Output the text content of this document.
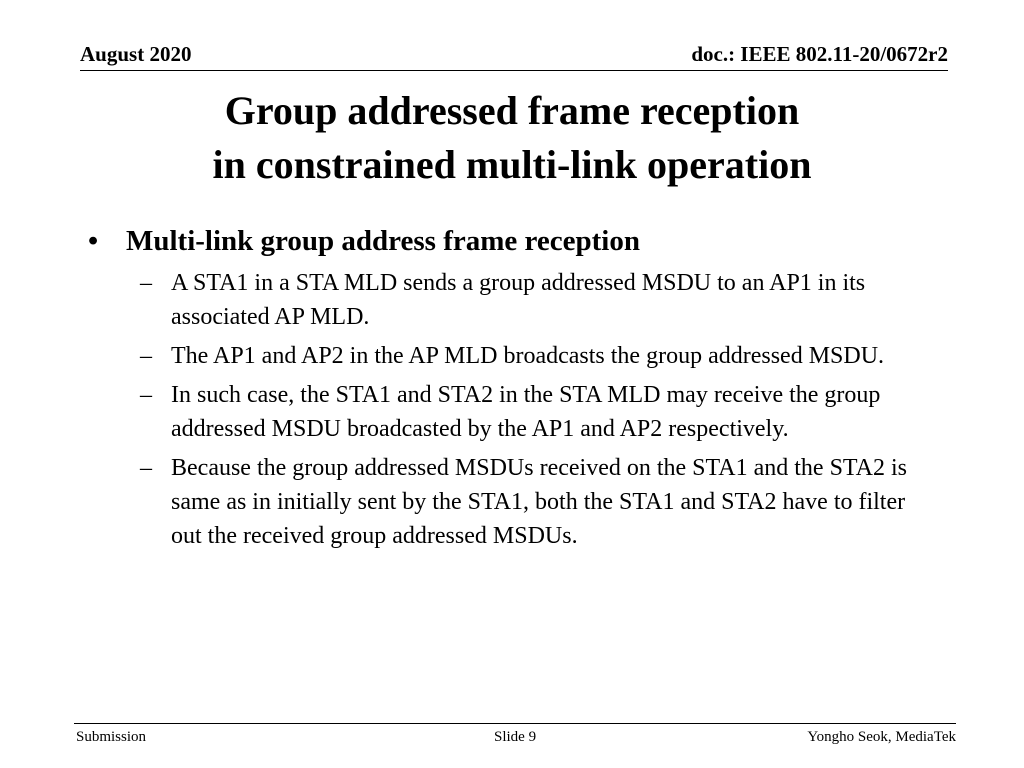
August 2020	doc.: IEEE 802.11-20/0672r2
Group addressed frame reception
in constrained multi-link operation
• Multi-link group address frame reception
– A STA1 in a STA MLD sends a group addressed MSDU to an AP1 in its associated AP MLD.
– The AP1 and AP2 in the AP MLD broadcasts the group addressed MSDU.
– In such case, the STA1 and STA2 in the STA MLD may receive the group addressed MSDU broadcasted by the AP1 and AP2 respectively.
– Because the group addressed MSDUs received on the STA1 and the STA2 is same as in initially sent by the STA1, both the STA1 and STA2 have to filter out the received group addressed MSDUs.
Submission	Slide 9	Yongho Seok, MediaTek
